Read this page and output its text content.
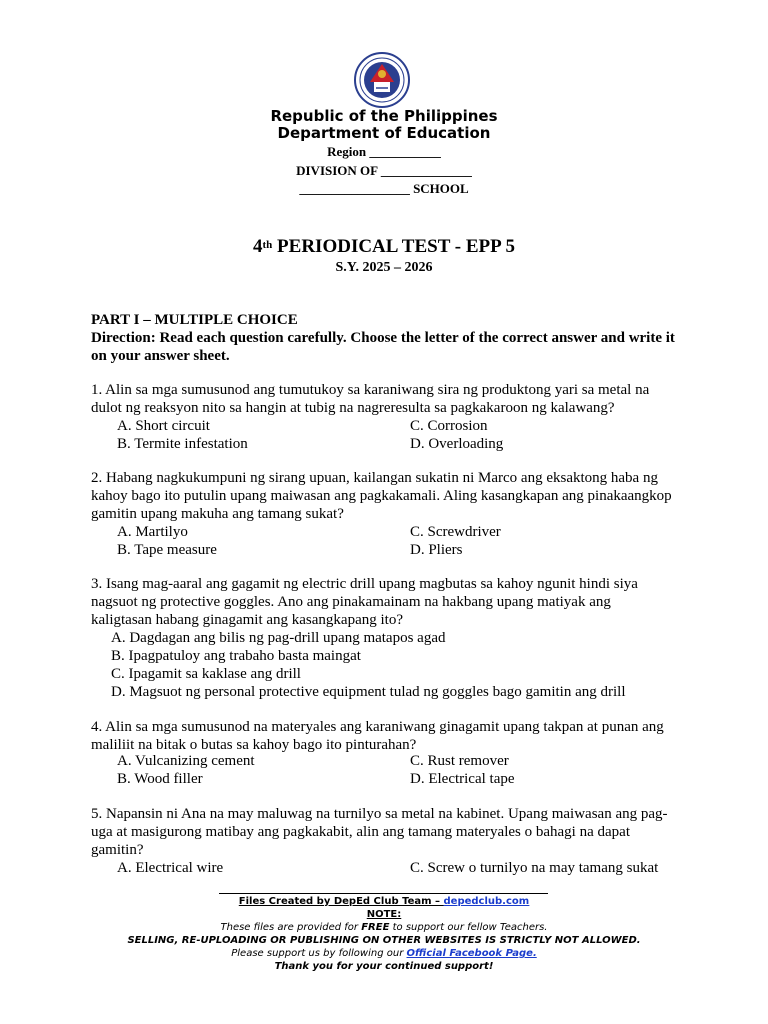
Republic of the Philippines
Department of Education
Region ___________
DIVISION OF ______________
_________________ SCHOOL
4th PERIODICAL TEST - EPP 5
S.Y. 2025 – 2026
PART I – MULTIPLE CHOICE
Direction: Read each question carefully. Choose the letter of the correct answer and write it on your answer sheet.
1. Alin sa mga sumusunod ang tumutukoy sa karaniwang sira ng produktong yari sa metal na dulot ng reaksyon nito sa hangin at tubig na nagreresulta sa pagkakaroon ng kalawang?
A. Short circuit
B. Termite infestation
C. Corrosion
D. Overloading
2. Habang nagkukumpuni ng sirang upuan, kailangan sukatin ni Marco ang eksaktong haba ng kahoy bago ito putulin upang maiwasan ang pagkakamali. Aling kasangkapan ang pinakaangkop gamitin upang makuha ang tamang sukat?
A. Martilyo
B. Tape measure
C. Screwdriver
D. Pliers
3. Isang mag-aaral ang gagamit ng electric drill upang magbutas sa kahoy ngunit hindi siya nagsuot ng protective goggles. Ano ang pinakamainam na hakbang upang matiyak ang kaligtasan habang ginagamit ang kasangkapang ito?
A. Dagdagan ang bilis ng pag-drill upang matapos agad
B. Ipagpatuloy ang trabaho basta maingat
C. Ipagamit sa kaklase ang drill
D. Magsuot ng personal protective equipment tulad ng goggles bago gamitin ang drill
4. Alin sa mga sumusunod na materyales ang karaniwang ginagamit upang takpan at punan ang maliliit na bitak o butas sa kahoy bago ito pinturahan?
A. Vulcanizing cement
B. Wood filler
C. Rust remover
D. Electrical tape
5. Napansin ni Ana na may maluwag na turnilyo sa metal na kabinet. Upang maiwasan ang pag-uga at masigurong matibay ang pagkakabit, alin ang tamang materyales o bahagi na dapat gamitin?
A. Electrical wire	C. Screw o turnilyo na may tamang sukat
Files Created by DepEd Club Team – depedclub.com
NOTE:
These files are provided for FREE to support our fellow Teachers.
SELLING, RE-UPLOADING OR PUBLISHING ON OTHER WEBSITES IS STRICTLY NOT ALLOWED.
Please support us by following our Official Facebook Page.
Thank you for your continued support!
